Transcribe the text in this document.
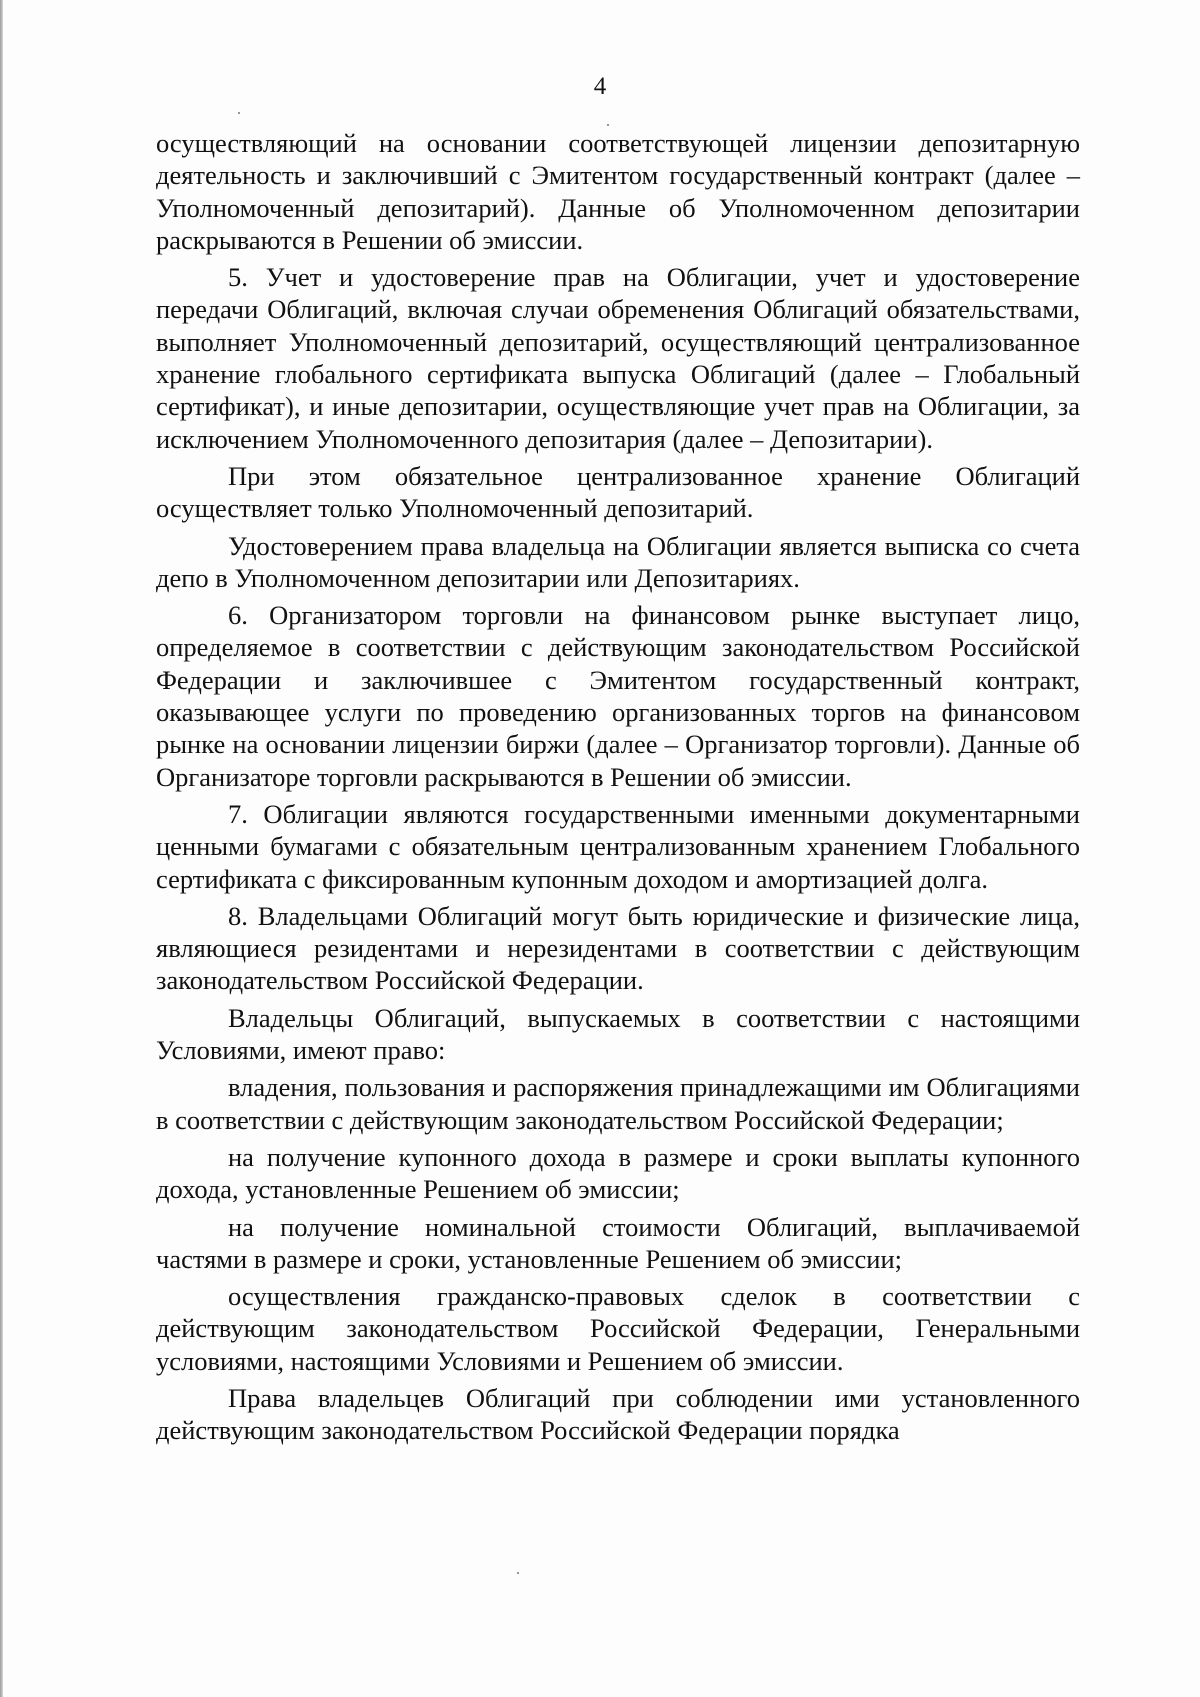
4

осуществляющий на основании соответствующей лицензии депозитарную деятельность и заключивший с Эмитентом государственный контракт (далее – Уполномоченный депозитарий). Данные об Уполномоченном депозитарии раскрываются в Решении об эмиссии.

5. Учет и удостоверение прав на Облигации, учет и удостоверение передачи Облигаций, включая случаи обременения Облигаций обязательствами, выполняет Уполномоченный депозитарий, осуществляющий централизованное хранение глобального сертификата выпуска Облигаций (далее – Глобальный сертификат), и иные депозитарии, осуществляющие учет прав на Облигации, за исключением Уполномоченного депозитария (далее – Депозитарии).

При этом обязательное централизованное хранение Облигаций осуществляет только Уполномоченный депозитарий.

Удостоверением права владельца на Облигации является выписка со счета депо в Уполномоченном депозитарии или Депозитариях.

6. Организатором торговли на финансовом рынке выступает лицо, определяемое в соответствии с действующим законодательством Российской Федерации и заключившее с Эмитентом государственный контракт, оказывающее услуги по проведению организованных торгов на финансовом рынке на основании лицензии биржи (далее – Организатор торговли). Данные об Организаторе торговли раскрываются в Решении об эмиссии.

7. Облигации являются государственными именными документарными ценными бумагами с обязательным централизованным хранением Глобального сертификата с фиксированным купонным доходом и амортизацией долга.

8. Владельцами Облигаций могут быть юридические и физические лица, являющиеся резидентами и нерезидентами в соответствии с действующим законодательством Российской Федерации.

Владельцы Облигаций, выпускаемых в соответствии с настоящими Условиями, имеют право:

владения, пользования и распоряжения принадлежащими им Облигациями в соответствии с действующим законодательством Российской Федерации;

на получение купонного дохода в размере и сроки выплаты купонного дохода, установленные Решением об эмиссии;

на получение номинальной стоимости Облигаций, выплачиваемой частями в размере и сроки, установленные Решением об эмиссии;

осуществления гражданско-правовых сделок в соответствии с действующим законодательством Российской Федерации, Генеральными условиями, настоящими Условиями и Решением об эмиссии.

Права владельцев Облигаций при соблюдении ими установленного действующим законодательством Российской Федерации порядка
